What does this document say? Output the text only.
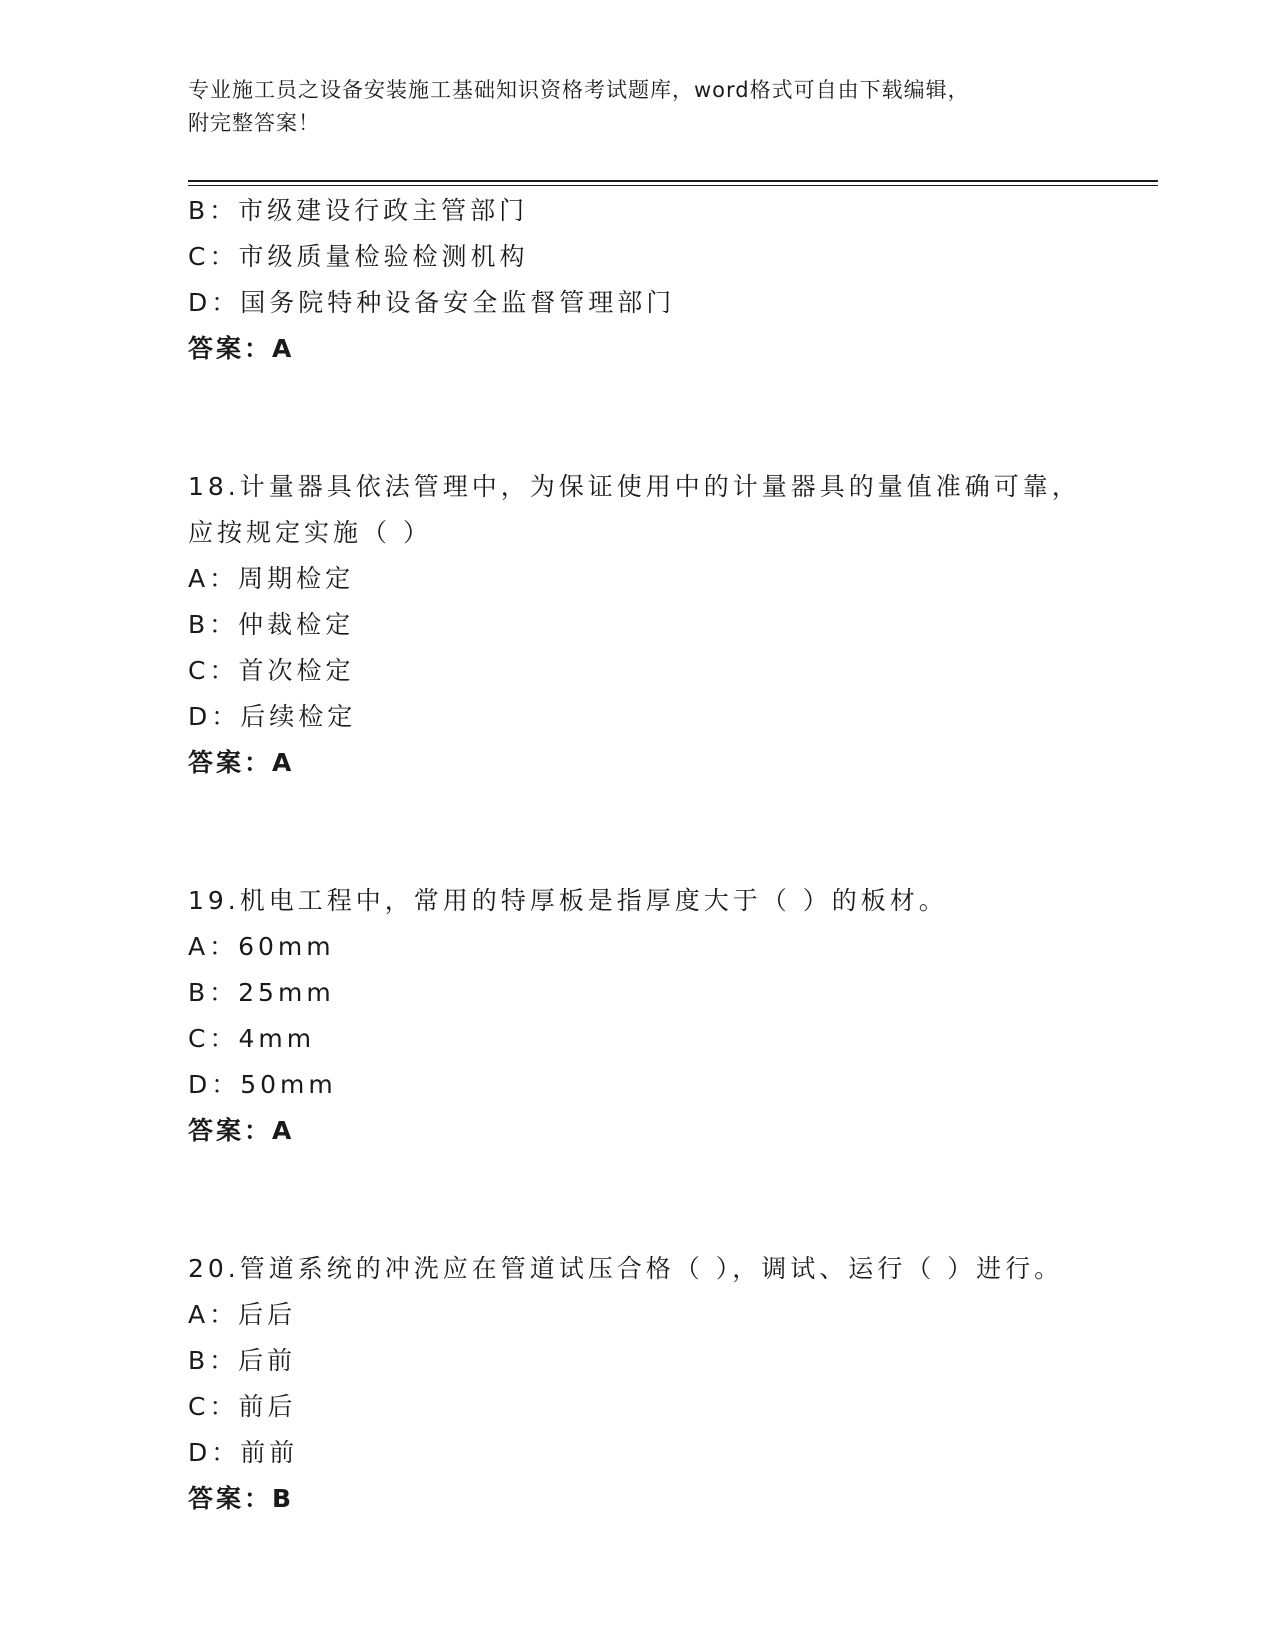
专业施工员之设备安装施工基础知识资格考试题库，word格式可自由下载编辑，
附完整答案！
B：市级建设行政主管部门
C：市级质量检验检测机构
D：国务院特种设备安全监督管理部门
答案：A
18.计量器具依法管理中，为保证使用中的计量器具的量值准确可靠，
应按规定实施（ ）
A：周期检定
B：仲裁检定
C：首次检定
D：后续检定
答案：A
19.机电工程中，常用的特厚板是指厚度大于（ ）的板材。
A：60mm
B：25mm
C：4mm
D：50mm
答案：A
20.管道系统的冲洗应在管道试压合格（ ），调试、运行（ ）进行。
A：后后
B：后前
C：前后
D：前前
答案：B
